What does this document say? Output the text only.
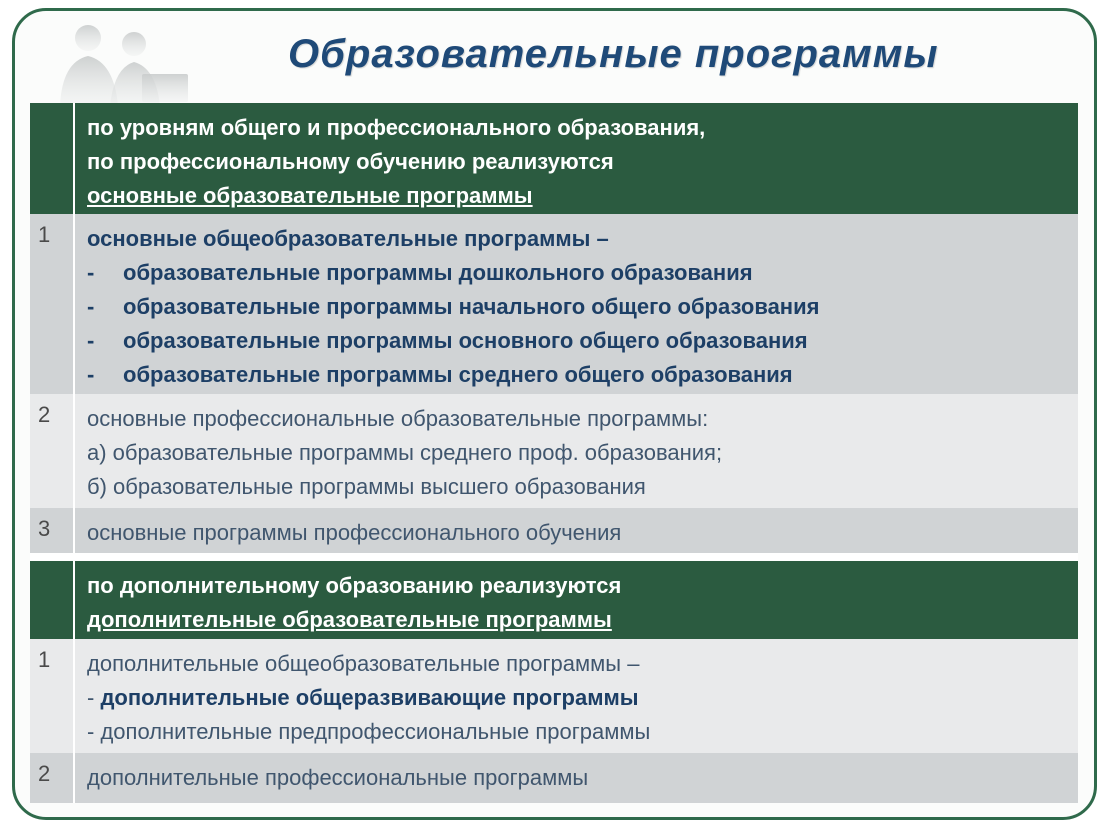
Образовательные программы
по уровням общего и профессионального образования,
по профессиональному обучению реализуются
основные образовательные программы
1	основные общеобразовательные программы –
- образовательные программы дошкольного образования
- образовательные программы начального общего образования
- образовательные программы основного общего образования
- образовательные программы среднего общего образования
2	основные профессиональные образовательные программы:
а) образовательные программы среднего проф. образования;
б) образовательные программы высшего образования
3	основные программы профессионального обучения
по дополнительному образованию реализуются
дополнительные образовательные программы
1	дополнительные общеобразовательные программы –
- дополнительные общеразвивающие программы
- дополнительные предпрофессиональные программы
2	дополнительные профессиональные программы
